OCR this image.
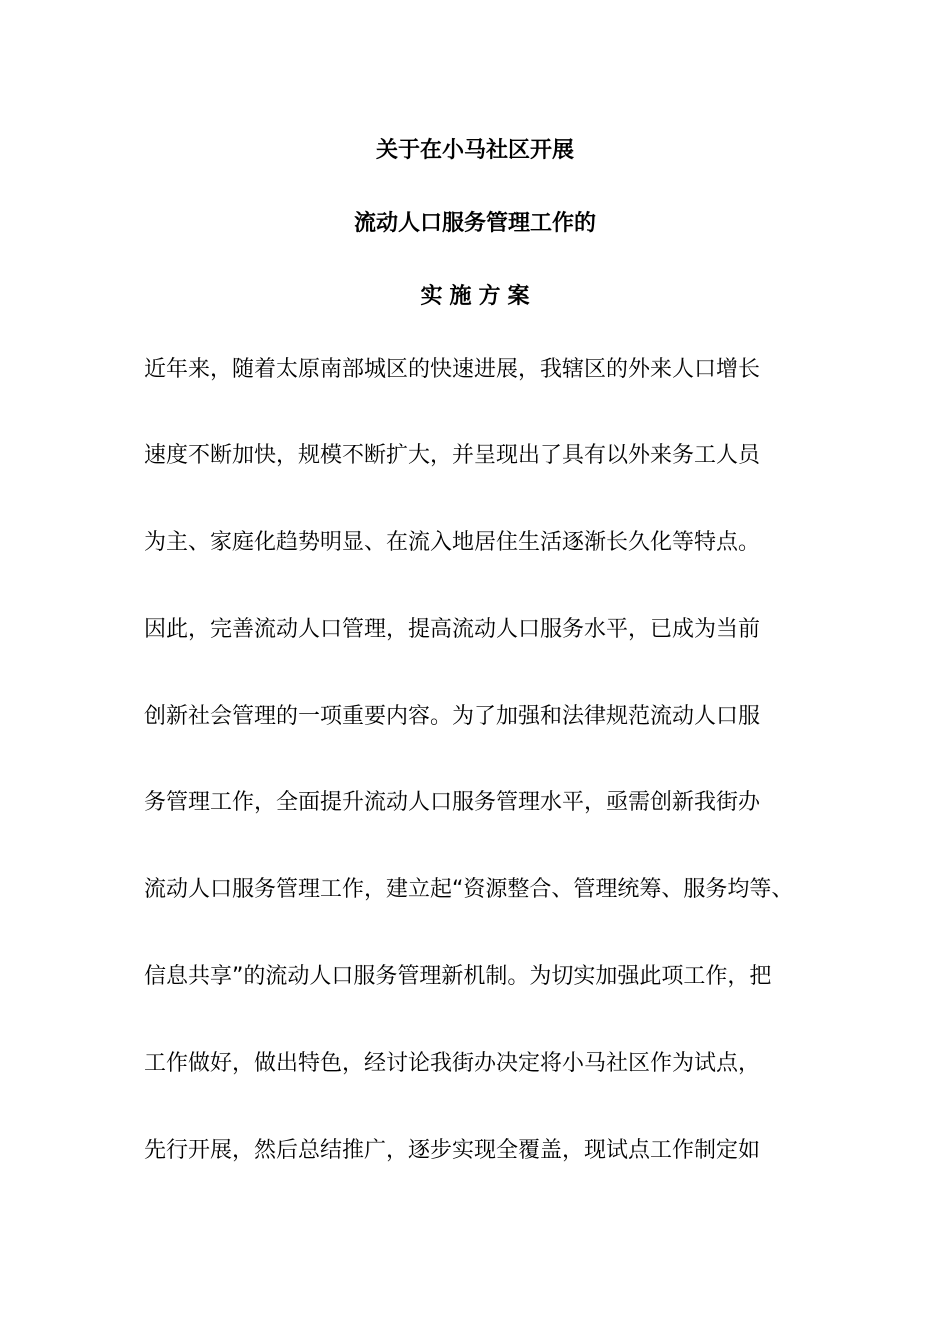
关于在小马社区开展
流动人口服务管理工作的
实施方案
近年来，随着太原南部城区的快速进展，我辖区的外来人口增长
速度不断加快，规模不断扩大，并呈现出了具有以外来务工人员
为主、家庭化趋势明显、在流入地居住生活逐渐长久化等特点。
因此，完善流动人口管理，提高流动人口服务水平，已成为当前
创新社会管理的一项重要内容。为了加强和法律规范流动人口服
务管理工作，全面提升流动人口服务管理水平，亟需创新我街办
流动人口服务管理工作，建立起“资源整合、管理统筹、服务均等、
信息共享”的流动人口服务管理新机制。为切实加强此项工作，把
工作做好，做出特色，经讨论我街办决定将小马社区作为试点，
先行开展，然后总结推广，逐步实现全覆盖，现试点工作制定如
